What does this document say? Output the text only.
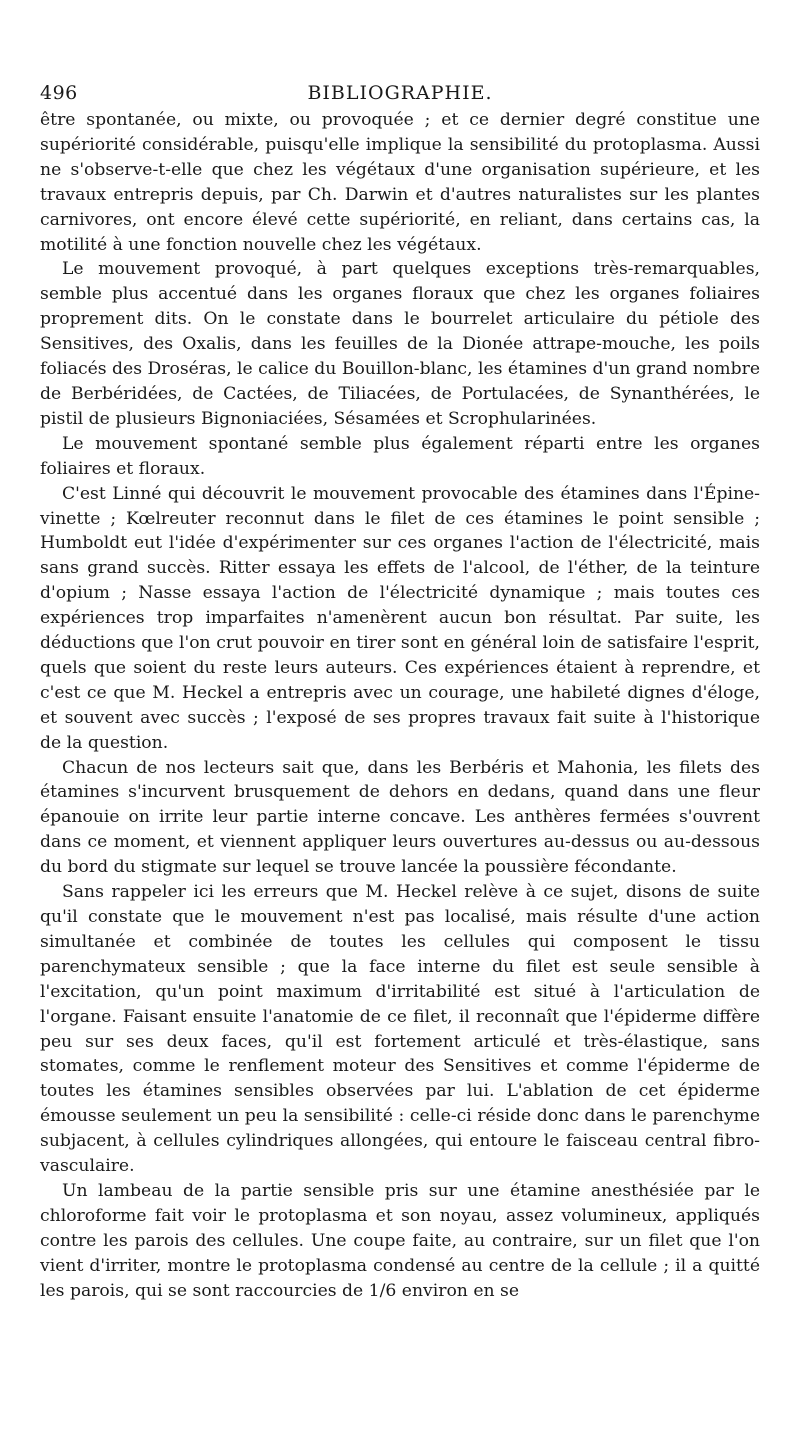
496	BIBLIOGRAPHIE.

être spontanée, ou mixte, ou provoquée ; et ce dernier degré constitue une supériorité considérable, puisqu'elle implique la sensibilité du protoplasma. Aussi ne s'observe-t-elle que chez les végétaux d'une organisation supérieure, et les travaux entrepris depuis, par Ch. Darwin et d'autres naturalistes sur les plantes carnivores, ont encore élevé cette supériorité, en reliant, dans certains cas, la motilité à une fonction nouvelle chez les végétaux.

Le mouvement provoqué, à part quelques exceptions très-remarquables, semble plus accentué dans les organes floraux que chez les organes foliaires proprement dits. On le constate dans le bourrelet articulaire du pétiole des Sensitives, des Oxalis, dans les feuilles de la Dionée attrape-mouche, les poils foliacés des Droséras, le calice du Bouillon-blanc, les étamines d'un grand nombre de Berbéridées, de Cactées, de Tiliacées, de Portulacées, de Synanthérées, le pistil de plusieurs Bignoniaciées, Sésamées et Scrophularinées.

Le mouvement spontané semble plus également réparti entre les organes foliaires et floraux.

C'est Linné qui découvrit le mouvement provocable des étamines dans l'Épine-vinette ; Kœlreuter reconnut dans le filet de ces étamines le point sensible ; Humboldt eut l'idée d'expérimenter sur ces organes l'action de l'électricité, mais sans grand succès. Ritter essaya les effets de l'alcool, de l'éther, de la teinture d'opium ; Nasse essaya l'action de l'électricité dynamique ; mais toutes ces expériences trop imparfaites n'amenèrent aucun bon résultat. Par suite, les déductions que l'on crut pouvoir en tirer sont en général loin de satisfaire l'esprit, quels que soient du reste leurs auteurs. Ces expériences étaient à reprendre, et c'est ce que M. Heckel a entrepris avec un courage, une habileté dignes d'éloge, et souvent avec succès ; l'exposé de ses propres travaux fait suite à l'historique de la question.

Chacun de nos lecteurs sait que, dans les Berbéris et Mahonia, les filets des étamines s'incurvent brusquement de dehors en dedans, quand dans une fleur épanouie on irrite leur partie interne concave. Les anthères fermées s'ouvrent dans ce moment, et viennent appliquer leurs ouvertures au-dessus ou au-dessous du bord du stigmate sur lequel se trouve lancée la poussière fécondante.

Sans rappeler ici les erreurs que M. Heckel relève à ce sujet, disons de suite qu'il constate que le mouvement n'est pas localisé, mais résulte d'une action simultanée et combinée de toutes les cellules qui composent le tissu parenchymateux sensible ; que la face interne du filet est seule sensible à l'excitation, qu'un point maximum d'irritabilité est situé à l'articulation de l'organe. Faisant ensuite l'anatomie de ce filet, il reconnaît que l'épiderme diffère peu sur ses deux faces, qu'il est fortement articulé et très-élastique, sans stomates, comme le renflement moteur des Sensitives et comme l'épiderme de toutes les étamines sensibles observées par lui. L'ablation de cet épiderme émousse seulement un peu la sensibilité : celle-ci réside donc dans le parenchyme subjacent, à cellules cylindriques allongées, qui entoure le faisceau central fibro-vasculaire.

Un lambeau de la partie sensible pris sur une étamine anesthésiée par le chloroforme fait voir le protoplasma et son noyau, assez volumineux, appliqués contre les parois des cellules. Une coupe faite, au contraire, sur un filet que l'on vient d'irriter, montre le protoplasma condensé au centre de la cellule ; il a quitté les parois, qui se sont raccourcies de 1/6 environ en se
